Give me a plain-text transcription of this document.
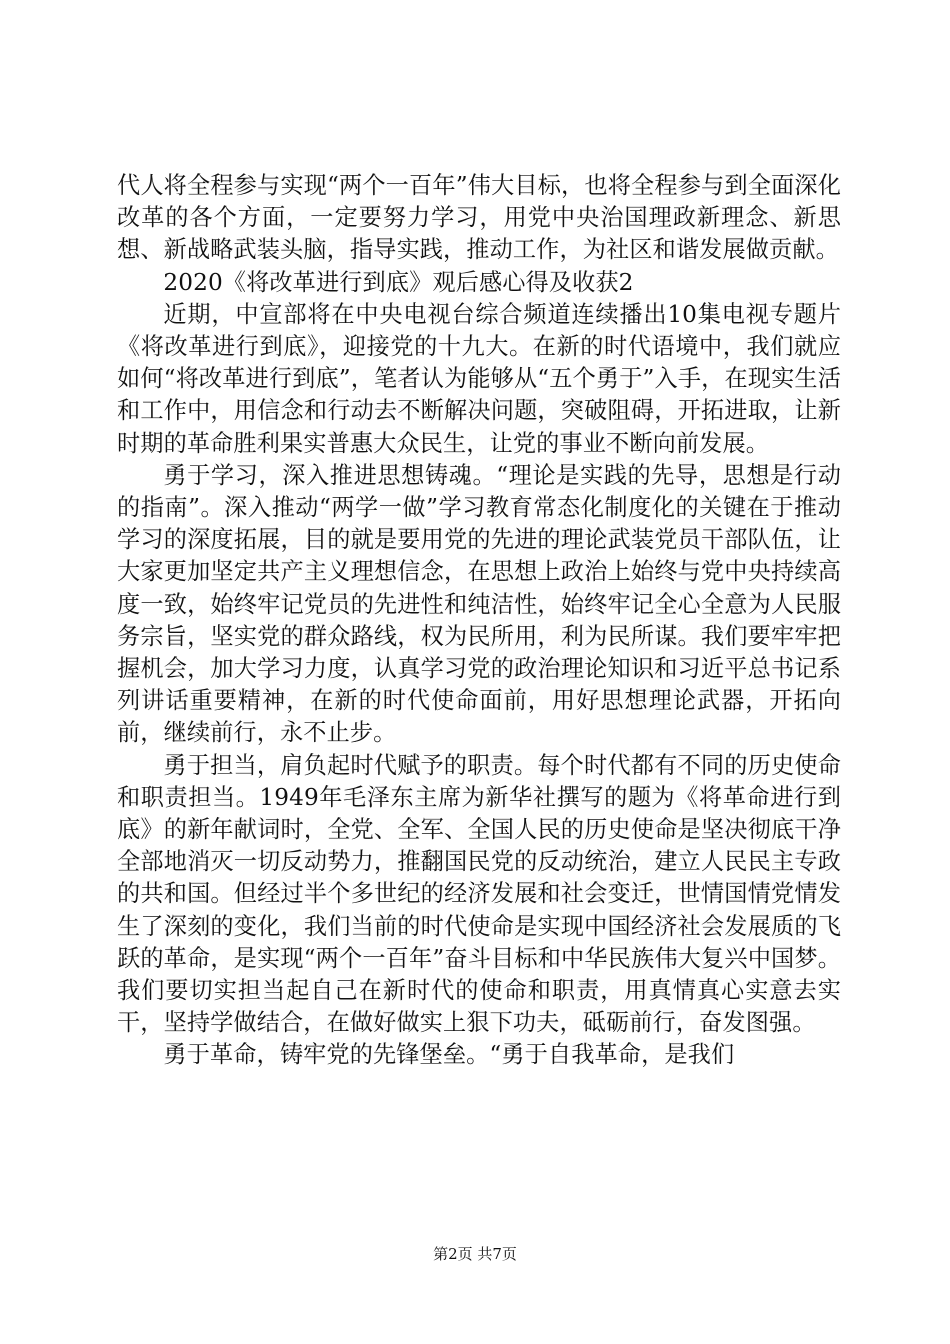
代人将全程参与实现“两个一百年”伟大目标，也将全程参与到全面深化改革的各个方面，一定要努力学习，用党中央治国理政新理念、新思想、新战略武装头脑，指导实践，推动工作，为社区和谐发展做贡献。

2020《将改革进行到底》观后感心得及收获2

近期，中宣部将在中央电视台综合频道连续播出10集电视专题片《将改革进行到底》，迎接党的十九大。在新的时代语境中，我们就应如何“将改革进行到底”，笔者认为能够从“五个勇于”入手，在现实生活和工作中，用信念和行动去不断解决问题，突破阻碍，开拓进取，让新时期的革命胜利果实普惠大众民生，让党的事业不断向前发展。

勇于学习，深入推进思想铸魂。“理论是实践的先导，思想是行动的指南”。深入推动“两学一做”学习教育常态化制度化的关键在于推动学习的深度拓展，目的就是要用党的先进的理论武装党员干部队伍，让大家更加坚定共产主义理想信念，在思想上政治上始终与党中央持续高度一致，始终牢记党员的先进性和纯洁性，始终牢记全心全意为人民服务宗旨，坚实党的群众路线，权为民所用，利为民所谋。我们要牢牢把握机会，加大学习力度，认真学习党的政治理论知识和习近平总书记系列讲话重要精神，在新的时代使命面前，用好思想理论武器，开拓向前，继续前行，永不止步。

勇于担当，肩负起时代赋予的职责。每个时代都有不同的历史使命和职责担当。1949年毛泽东主席为新华社撰写的题为《将革命进行到底》的新年献词时，全党、全军、全国人民的历史使命是坚决彻底干净全部地消灭一切反动势力，推翻国民党的反动统治，建立人民民主专政的共和国。但经过半个多世纪的经济发展和社会变迁，世情国情党情发生了深刻的变化，我们当前的时代使命是实现中国经济社会发展质的飞跃的革命，是实现“两个一百年”奋斗目标和中华民族伟大复兴中国梦。我们要切实担当起自己在新时代的使命和职责，用真情真心实意去实干，坚持学做结合，在做好做实上狠下功夫，砥砺前行，奋发图强。

勇于革命，铸牢党的先锋堡垒。“勇于自我革命，是我们

第2页 共7页
